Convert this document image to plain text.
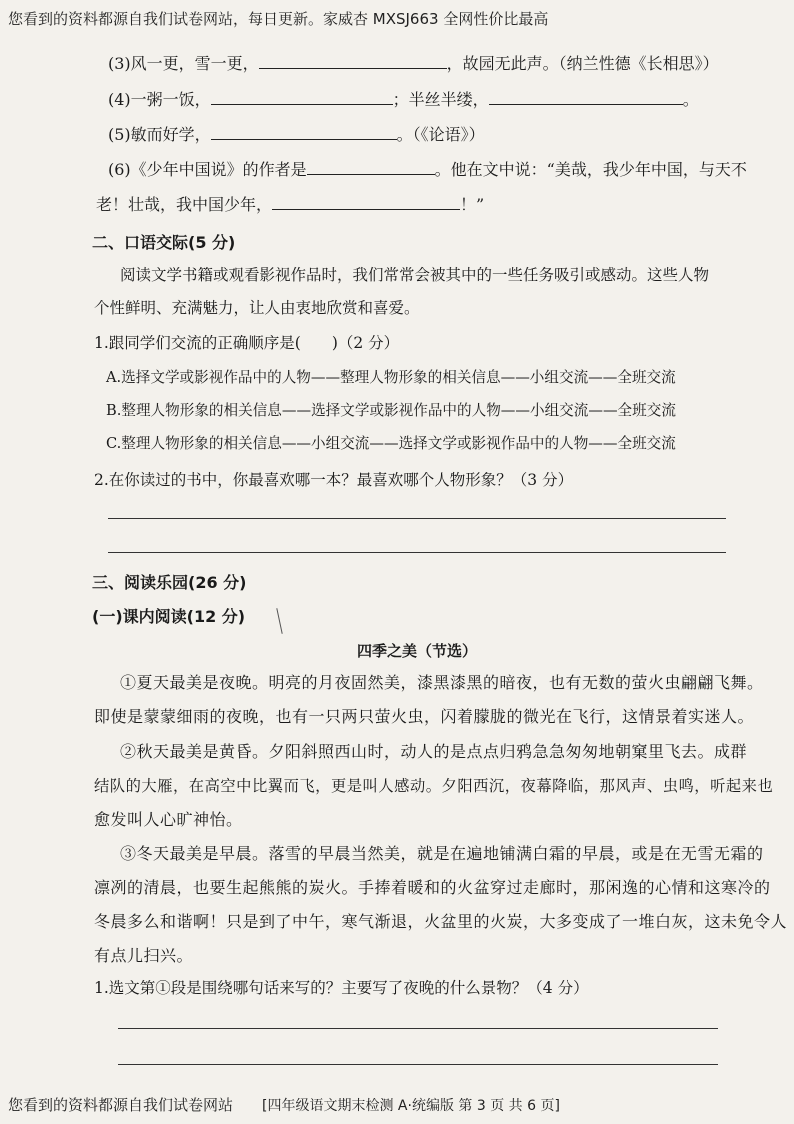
您看到的资料都源自我们试卷网站，每日更新。家威杏 MXSJ663 全网性价比最高
(3)风一更，雪一更，	，故园无此声。（纳兰性德《长相思》）
(4)一粥一饭，	；半丝半缕，	。
(5)敏而好学，	。（《论语》）
(6)《少年中国说》的作者是	。他在文中说：“美哉，我少年中国，与天不
老！壮哉，我中国少年，	！”
二、口语交际(5 分)
阅读文学书籍或观看影视作品时，我们常常会被其中的一些任务吸引或感动。这些人物
个性鲜明、充满魅力，让人由衷地欣赏和喜爱。
1.跟同学们交流的正确顺序是(　　)（2 分）
A.选择文学或影视作品中的人物——整理人物形象的相关信息——小组交流——全班交流
B.整理人物形象的相关信息——选择文学或影视作品中的人物——小组交流——全班交流
C.整理人物形象的相关信息——小组交流——选择文学或影视作品中的人物——全班交流
2.在你读过的书中，你最喜欢哪一本？最喜欢哪个人物形象？（3 分）
三、阅读乐园(26 分)
(一)课内阅读(12 分)
四季之美（节选）
①夏天最美是夜晚。明亮的月夜固然美，漆黑漆黑的暗夜，也有无数的萤火虫翩翩飞舞。
即使是蒙蒙细雨的夜晚，也有一只两只萤火虫，闪着朦胧的微光在飞行，这情景着实迷人。
②秋天最美是黄昏。夕阳斜照西山时，动人的是点点归鸦急急匆匆地朝窠里飞去。成群
结队的大雁，在高空中比翼而飞，更是叫人感动。夕阳西沉，夜幕降临，那风声、虫鸣，听起来也
愈发叫人心旷神怡。
③冬天最美是早晨。落雪的早晨当然美，就是在遍地铺满白霜的早晨，或是在无雪无霜的
凛冽的清晨，也要生起熊熊的炭火。手捧着暖和的火盆穿过走廊时，那闲逸的心情和这寒冷的
冬晨多么和谐啊！只是到了中午，寒气渐退，火盆里的火炭，大多变成了一堆白灰，这未免令人
有点儿扫兴。
1.选文第①段是围绕哪句话来写的？主要写了夜晚的什么景物？（4 分）
您看到的资料都源自我们试卷网站 [四年级语文期末检测 A·统编版 第 3 页 共 6 页]
